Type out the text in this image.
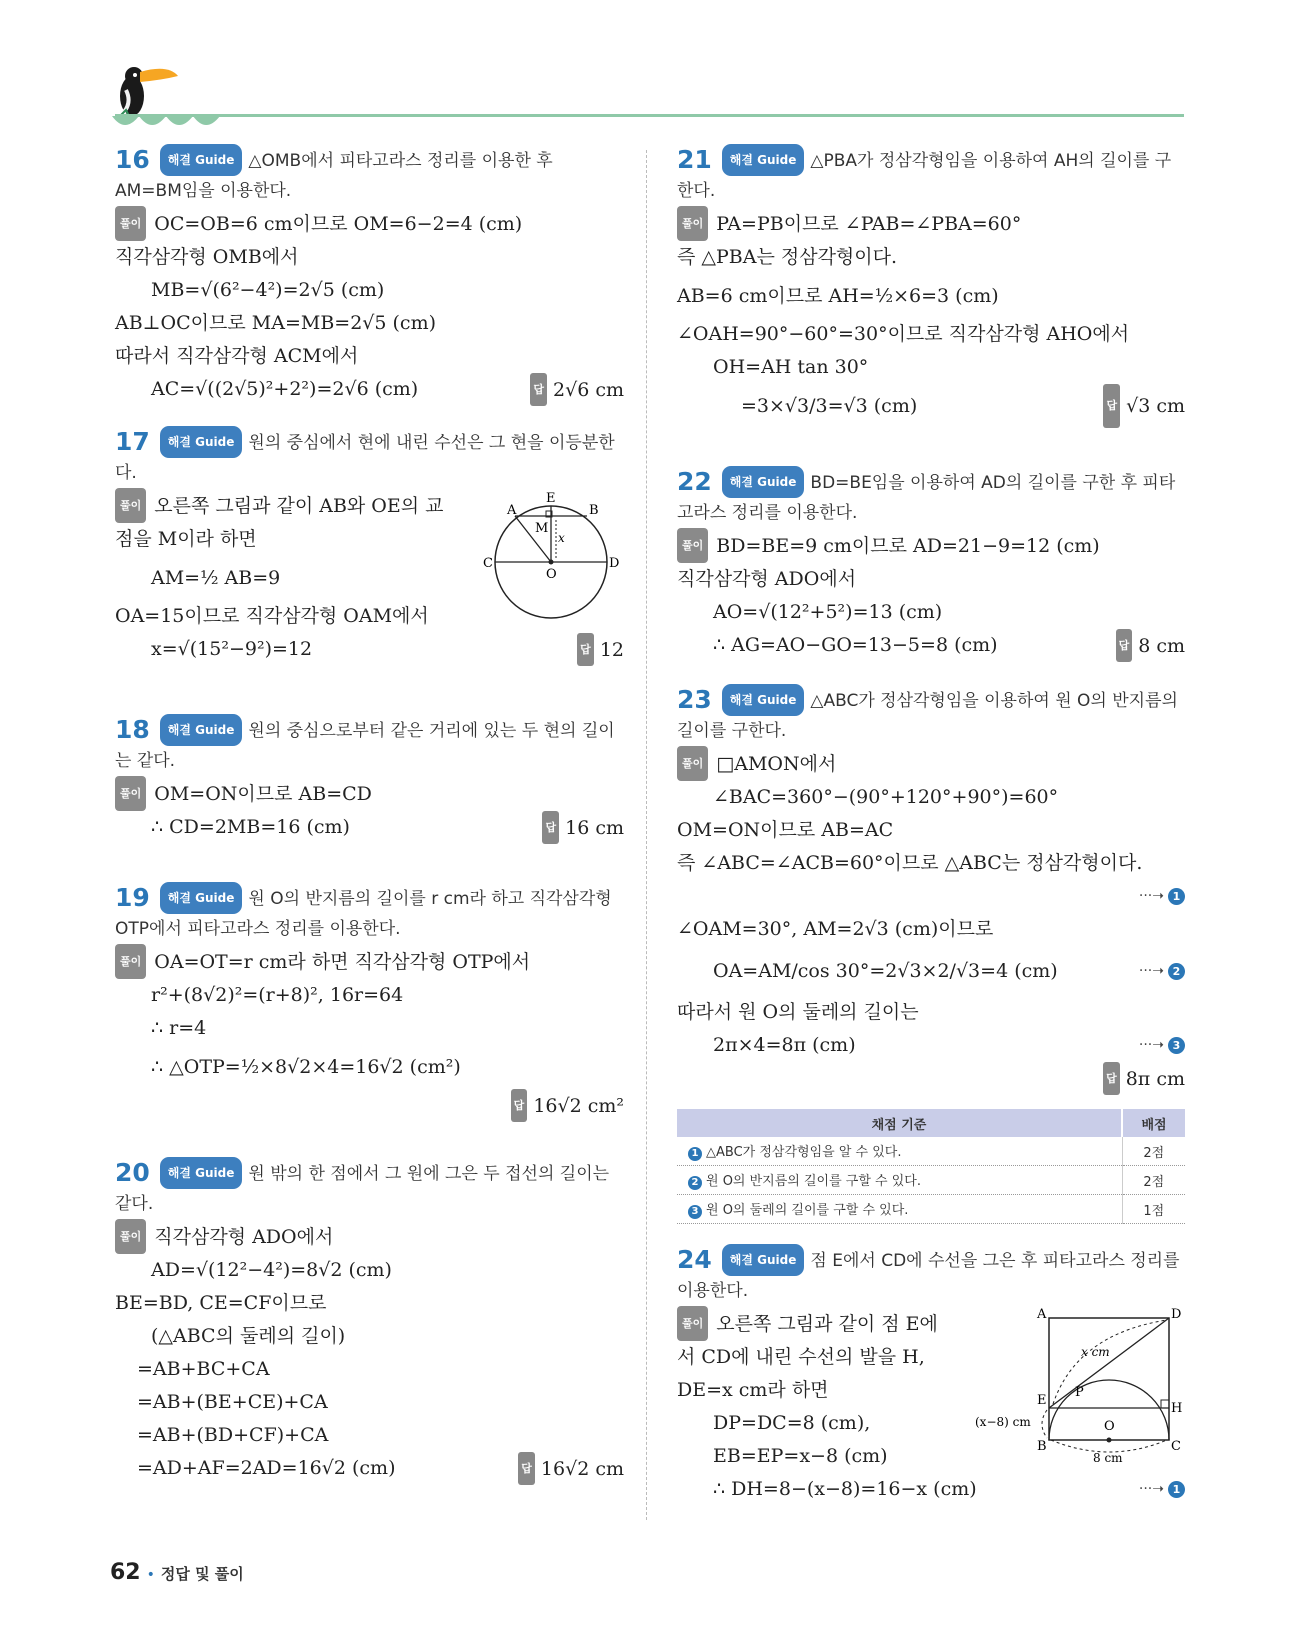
16 해결 Guide △OMB에서 피타고라스 정리를 이용한 후 AM=BM임을 이용한다.
풀이 OC=OB=6 cm이므로 OM=6−2=4 (cm)
직각삼각형 OMB에서
MB=√(6²−4²)=2√5 (cm)
AB⊥OC이므로 MA=MB=2√5 (cm)
따라서 직각삼각형 ACM에서
AC=√((2√5)²+2²)=2√6 (cm)	답 2√6 cm
17 해결 Guide 원의 중심에서 현에 내린 수선은 그 현을 이등분한다.
풀이 오른쪽 그림과 같이 AB와 OE의 교
점을 M이라 하면
AM=½ AB=9
OA=15이므로 직각삼각형 OAM에서
x=√(15²−9²)=12	답 12
A
E
B
M
x
C
O
D
18 해결 Guide 원의 중심으로부터 같은 거리에 있는 두 현의 길이는 같다.
풀이 OM=ON이므로 AB=CD
∴ CD=2MB=16 (cm)	답 16 cm
19 해결 Guide 원 O의 반지름의 길이를 r cm라 하고 직각삼각형 OTP에서 피타고라스 정리를 이용한다.
풀이 OA=OT=r cm라 하면 직각삼각형 OTP에서
r²+(8√2)²=(r+8)², 16r=64
∴ r=4
∴ △OTP=½×8√2×4=16√2 (cm²)
답 16√2 cm²

20 해결 Guide 원 밖의 한 점에서 그 원에 그은 두 접선의 길이는 같다.
풀이 직각삼각형 ADO에서
AD=√(12²−4²)=8√2 (cm)
BE=BD, CE=CF이므로
(△ABC의 둘레의 길이)
=AB+BC+CA
=AB+(BE+CE)+CA
=AB+(BD+CF)+CA
=AD+AF=2AD=16√2 (cm)	답 16√2 cm
21 해결 Guide △PBA가 정삼각형임을 이용하여 AH의 길이를 구한다.
풀이 PA=PB이므로 ∠PAB=∠PBA=60°
즉 △PBA는 정삼각형이다.
AB=6 cm이므로 AH=½×6=3 (cm)
∠OAH=90°−60°=30°이므로 직각삼각형 AHO에서
OH=AH tan 30°
=3×√3/3=√3 (cm)	답 √3 cm
22 해결 Guide BD=BE임을 이용하여 AD의 길이를 구한 후 피타고라스 정리를 이용한다.
풀이 BD=BE=9 cm이므로 AD=21−9=12 (cm)
직각삼각형 ADO에서
AO=√(12²+5²)=13 (cm)
∴ AG=AO−GO=13−5=8 (cm)	답 8 cm
23 해결 Guide △ABC가 정삼각형임을 이용하여 원 O의 반지름의 길이를 구한다.
풀이 □AMON에서
∠BAC=360°−(90°+120°+90°)=60°
OM=ON이므로 AB=AC
즉 ∠ABC=∠ACB=60°이므로 △ABC는 정삼각형이다.

···➝ 1
∠OAM=30°, AM=2√3 (cm)이므로
OA=AM/cos 30°=2√3×2/√3=4 (cm)	···➝ 2
따라서 원 O의 둘레의 길이는
2π×4=8π (cm)	···➝ 3

답 8π cm
채점 기준	배점
1 △ABC가 정삼각형임을 알 수 있다.	2점
2 원 O의 반지름의 길이를 구할 수 있다.	2점
3 원 O의 둘레의 길이를 구할 수 있다.	1점
24 해결 Guide 점 E에서 CD에 수선을 그은 후 피타고라스 정리를 이용한다.
풀이 오른쪽 그림과 같이 점 E에
서 CD에 내린 수선의 발을 H,
DE=x cm라 하면
DP=DC=8 (cm),
EB=EP=x−8 (cm)
∴ DH=8−(x−8)=16−x (cm)	···➝ 1
A	D
x cm
E
P
H
(x−8) cm	O
B	C
8 cm
62 • 정답 및 풀이
